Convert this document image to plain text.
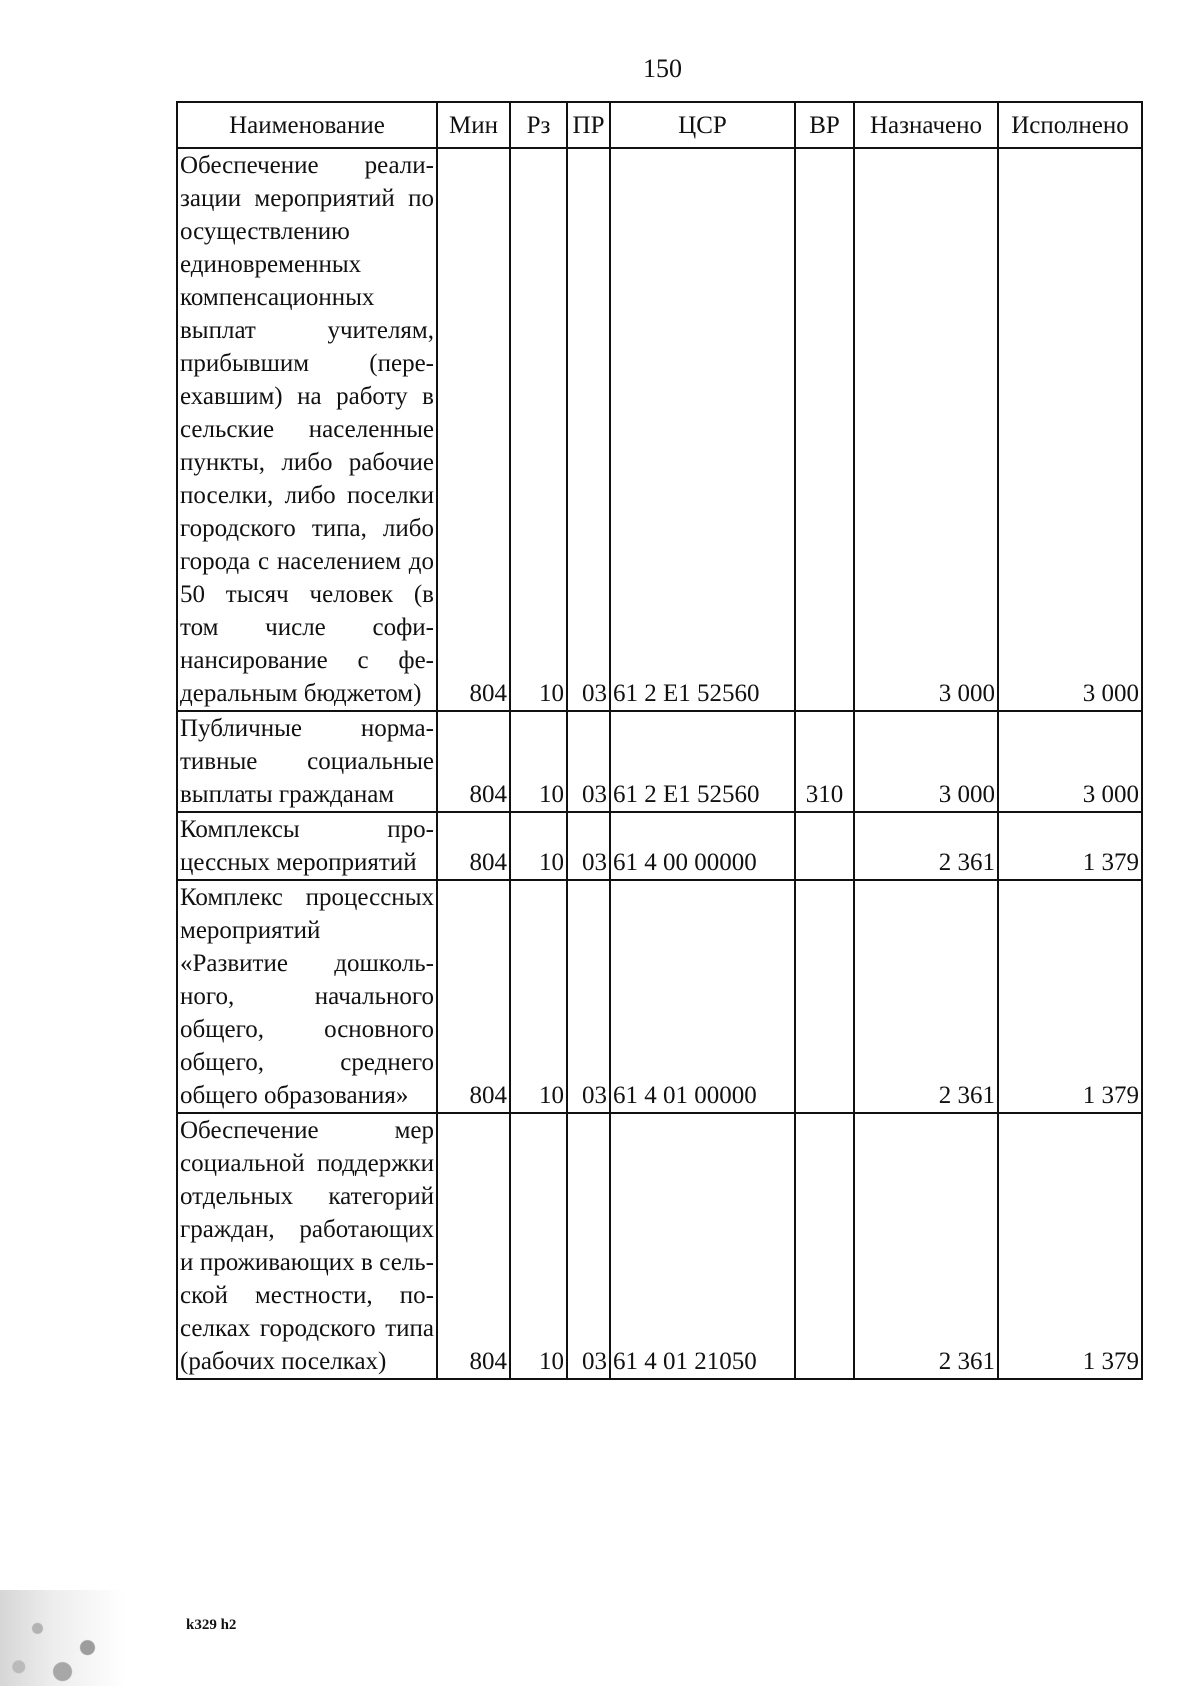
150
Наименование	Мин	Рз	ПР	ЦСР	ВР	Назначено	Исполнено
Обеспечение реализации мероприятий по осуществлению единовременных компенсационных выплат учителям, прибывшим (переехавшим) на работу в сельские населенные пункты, либо рабочие поселки, либо поселки городского типа, либо города с населением до 50 тысяч человек (в том числе софинансирование с федеральным бюджетом)	804	10	03	61 2 Е1 52560		3 000	3 000
Публичные нормативные социальные выплаты гражданам	804	10	03	61 2 Е1 52560	310	3 000	3 000
Комплексы процессных мероприятий	804	10	03	61 4 00 00000		2 361	1 379
Комплекс процессных мероприятий «Развитие дошкольного, начального общего, основного общего, среднего общего образования»	804	10	03	61 4 01 00000		2 361	1 379
Обеспечение мер социальной поддержки отдельных категорий граждан, работающих и проживающих в сельской местности, поселках городского типа (рабочих поселках)	804	10	03	61 4 01 21050		2 361	1 379
k329 h2
